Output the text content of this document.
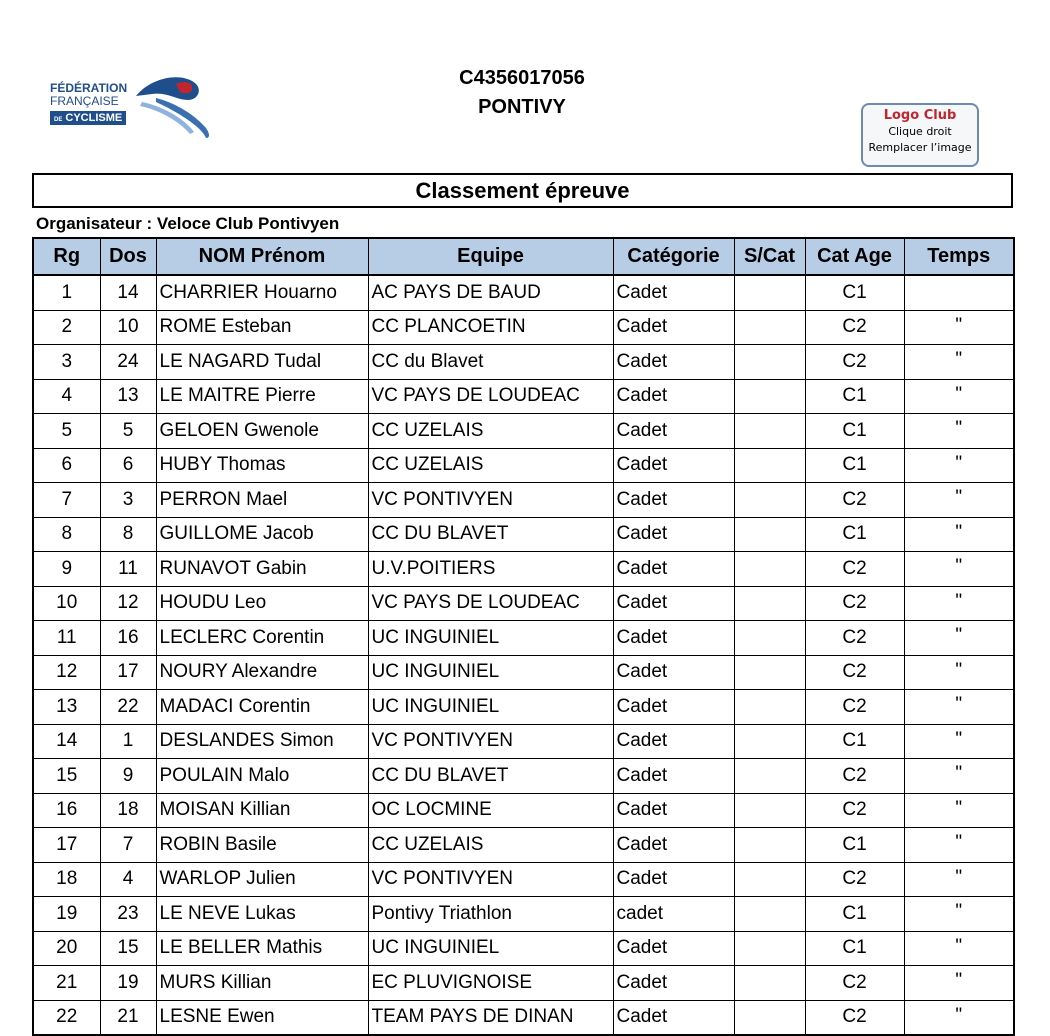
FÉDÉRATION
FRANÇAISE
DE CYCLISME
C4356017056
PONTIVY	Logo Club
Clique droit
Remplacer l’image
Classement épreuve
Organisateur : Veloce Club Pontivyen
Rg	Dos	NOM Prénom	Equipe	Catégorie	S/Cat	Cat Age	Temps
1	14	CHARRIER Houarno	AC PAYS DE BAUD	Cadet		C1	
2	10	ROME Esteban	CC PLANCOETIN	Cadet		C2	"
3	24	LE NAGARD Tudal	CC du Blavet	Cadet		C2	"
4	13	LE MAITRE Pierre	VC PAYS DE LOUDEAC	Cadet		C1	"
5	5	GELOEN Gwenole	CC UZELAIS	Cadet		C1	"
6	6	HUBY Thomas	CC UZELAIS	Cadet		C1	"
7	3	PERRON Mael	VC PONTIVYEN	Cadet		C2	"
8	8	GUILLOME Jacob	CC DU BLAVET	Cadet		C1	"
9	11	RUNAVOT Gabin	U.V.POITIERS	Cadet		C2	"
10	12	HOUDU Leo	VC PAYS DE LOUDEAC	Cadet		C2	"
11	16	LECLERC Corentin	UC INGUINIEL	Cadet		C2	"
12	17	NOURY Alexandre	UC INGUINIEL	Cadet		C2	"
13	22	MADACI Corentin	UC INGUINIEL	Cadet		C2	"
14	1	DESLANDES Simon	VC PONTIVYEN	Cadet		C1	"
15	9	POULAIN Malo	CC DU BLAVET	Cadet		C2	"
16	18	MOISAN Killian	OC LOCMINE	Cadet		C2	"
17	7	ROBIN Basile	CC UZELAIS	Cadet		C1	"
18	4	WARLOP Julien	VC PONTIVYEN	Cadet		C2	"
19	23	LE NEVE Lukas	Pontivy Triathlon	cadet		C1	"
20	15	LE BELLER Mathis	UC INGUINIEL	Cadet		C1	"
21	19	MURS Killian	EC PLUVIGNOISE	Cadet		C2	"
22	21	LESNE Ewen	TEAM PAYS DE DINAN	Cadet		C2	"
